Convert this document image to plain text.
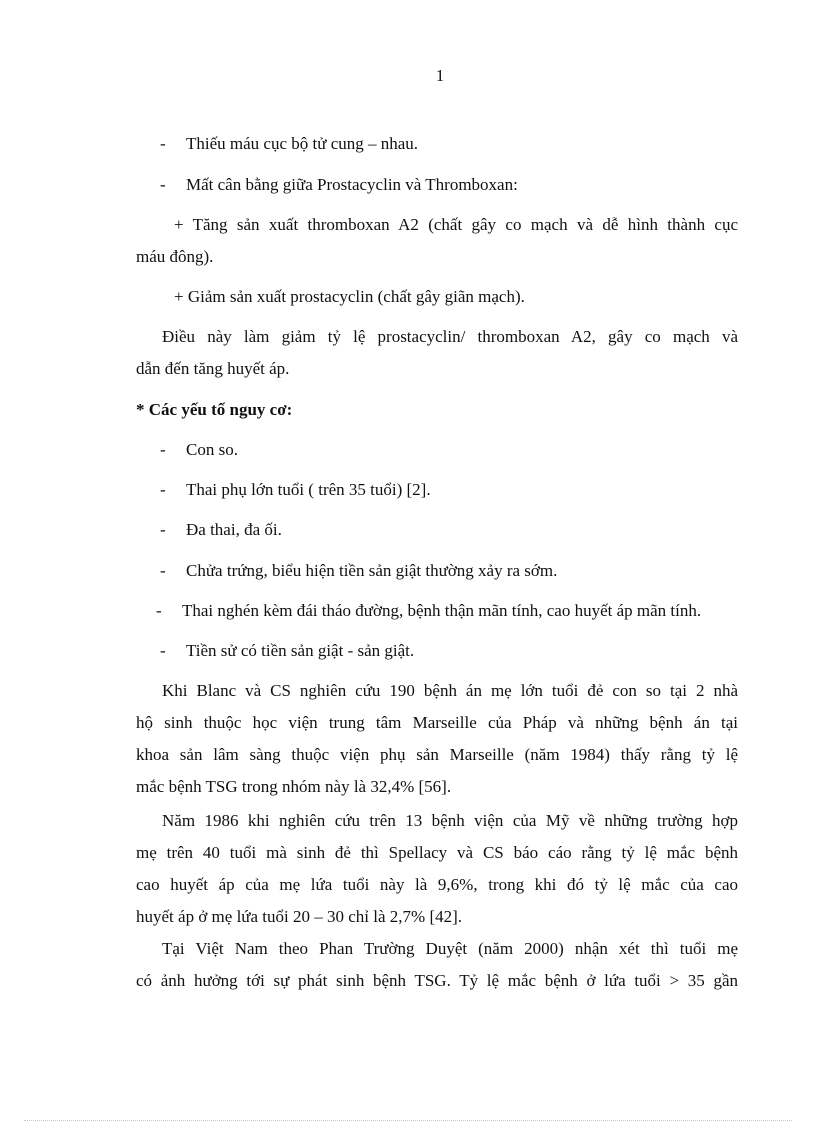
1
- Thiếu máu cục bộ tử cung – nhau.
- Mất cân bằng giữa Prostacyclin và Thromboxan:
+ Tăng sản xuất thromboxan A2 (chất gây co mạch và dễ hình thành cục
máu đông).
+ Giảm sản xuất prostacyclin (chất gây giãn mạch).
Điều này làm giảm tỷ lệ prostacyclin/ thromboxan A2, gây co mạch và
dẫn đến tăng huyết áp.
* Các yếu tố nguy cơ:
- Con so.
- Thai phụ lớn tuổi ( trên 35 tuổi) [2].
- Đa thai, đa ối.
- Chửa trứng, biểu hiện tiền sản giật thường xảy ra sớm.
- Thai nghén kèm đái tháo đường, bệnh thận mãn tính, cao huyết áp mãn tính.
- Tiền sử có tiền sản giật - sản giật.
Khi Blanc và CS nghiên cứu 190 bệnh án mẹ lớn tuổi đẻ con so tại 2 nhà
hộ sinh thuộc học viện trung tâm Marseille của Pháp và những bệnh án tại
khoa sản lâm sàng thuộc viện phụ sản Marseille (năm 1984) thấy rằng tỷ lệ
mắc bệnh TSG trong nhóm này là 32,4% [56].
Năm 1986 khi nghiên cứu trên 13 bệnh viện của Mỹ về những trường hợp
mẹ trên 40 tuổi mà sinh đẻ thì Spellacy và CS báo cáo rằng tỷ lệ mắc bệnh
cao huyết áp của mẹ lứa tuổi này là 9,6%, trong khi đó tỷ lệ mắc của cao
huyết áp ở mẹ lứa tuổi 20 – 30 chỉ là 2,7% [42].
Tại Việt Nam theo Phan Trường Duyệt (năm 2000) nhận xét thì tuổi mẹ
có ảnh hưởng tới sự phát sinh bệnh TSG. Tỷ lệ mắc bệnh ở lứa tuổi > 35 gần
